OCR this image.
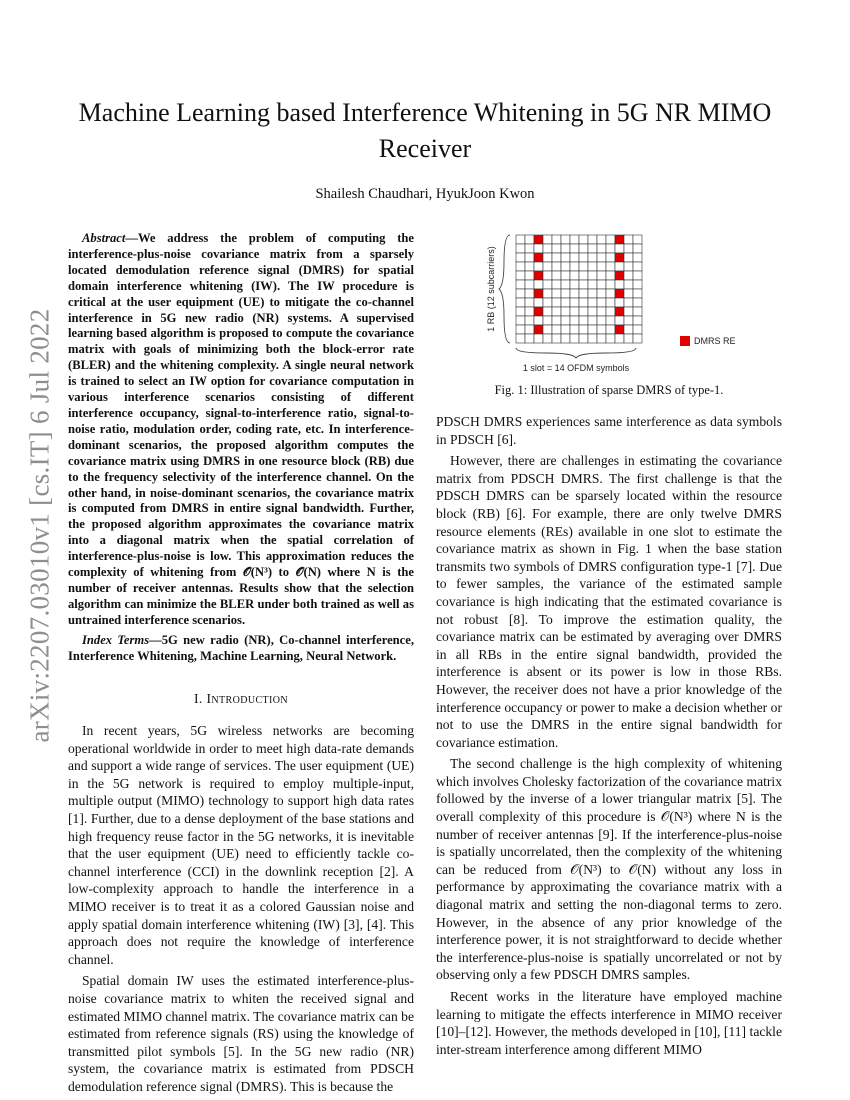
arXiv:2207.03010v1 [cs.IT] 6 Jul 2022
Machine Learning based Interference Whitening in 5G NR MIMO Receiver
Shailesh Chaudhari, HyukJoon Kwon

Abstract—We address the problem of computing the interference-plus-noise covariance matrix from a sparsely located demodulation reference signal (DMRS) for spatial domain interference whitening (IW). The IW procedure is critical at the user equipment (UE) to mitigate the co-channel interference in 5G new radio (NR) systems. A supervised learning based algorithm is proposed to compute the covariance matrix with goals of minimizing both the block-error rate (BLER) and the whitening complexity. A single neural network is trained to select an IW option for covariance computation in various interference scenarios consisting of different interference occupancy, signal-to-interference ratio, signal-to-noise ratio, modulation order, coding rate, etc. In interference-dominant scenarios, the proposed algorithm computes the covariance matrix using DMRS in one resource block (RB) due to the frequency selectivity of the interference channel. On the other hand, in noise-dominant scenarios, the covariance matrix is computed from DMRS in entire signal bandwidth. Further, the proposed algorithm approximates the covariance matrix into a diagonal matrix when the spatial correlation of interference-plus-noise is low. This approximation reduces the complexity of whitening from 𝒪(N³) to 𝒪(N) where N is the number of receiver antennas. Results show that the selection algorithm can minimize the BLER under both trained as well as untrained interference scenarios.

Index Terms—5G new radio (NR), Co-channel interference, Interference Whitening, Machine Learning, Neural Network.

I. Introduction

In recent years, 5G wireless networks are becoming operational worldwide in order to meet high data-rate demands and support a wide range of services. The user equipment (UE) in the 5G network is required to employ multiple-input, multiple output (MIMO) technology to support high data rates [1]. Further, due to a dense deployment of the base stations and high frequency reuse factor in the 5G networks, it is inevitable that the user equipment (UE) need to efficiently tackle co-channel interference (CCI) in the downlink reception [2]. A low-complexity approach to handle the interference in a MIMO receiver is to treat it as a colored Gaussian noise and apply spatial domain interference whitening (IW) [3], [4]. This approach does not require the knowledge of interference channel.

Spatial domain IW uses the estimated interference-plus-noise covariance matrix to whiten the received signal and estimated MIMO channel matrix. The covariance matrix can be estimated from reference signals (RS) using the knowledge of transmitted pilot symbols [5]. In the 5G new radio (NR) system, the covariance matrix is estimated from PDSCH demodulation reference signal (DMRS). This is because the

1 RB (12 subcarriers)
1 slot = 14 OFDM symbols
DMRS RE
Fig. 1: Illustration of sparse DMRS of type-1.

PDSCH DMRS experiences same interference as data symbols in PDSCH [6].

However, there are challenges in estimating the covariance matrix from PDSCH DMRS. The first challenge is that the PDSCH DMRS can be sparsely located within the resource block (RB) [6]. For example, there are only twelve DMRS resource elements (REs) available in one slot to estimate the covariance matrix as shown in Fig. 1 when the base station transmits two symbols of DMRS configuration type-1 [7]. Due to fewer samples, the variance of the estimated sample covariance is high indicating that the estimated covariance is not robust [8]. To improve the estimation quality, the covariance matrix can be estimated by averaging over DMRS in all RBs in the entire signal bandwidth, provided the interference is absent or its power is low in those RBs. However, the receiver does not have a prior knowledge of the interference occupancy or power to make a decision whether or not to use the DMRS in the entire signal bandwidth for covariance estimation.

The second challenge is the high complexity of whitening which involves Cholesky factorization of the covariance matrix followed by the inverse of a lower triangular matrix [5]. The overall complexity of this procedure is 𝒪(N³) where N is the number of receiver antennas [9]. If the interference-plus-noise is spatially uncorrelated, then the complexity of the whitening can be reduced from 𝒪(N³) to 𝒪(N) without any loss in performance by approximating the covariance matrix with a diagonal matrix and setting the non-diagonal terms to zero. However, in the absence of any prior knowledge of the interference power, it is not straightforward to decide whether the interference-plus-noise is spatially uncorrelated or not by observing only a few PDSCH DMRS samples.

Recent works in the literature have employed machine learning to mitigate the effects interference in MIMO receiver [10]–[12]. However, the methods developed in [10], [11] tackle inter-stream interference among different MIMO
